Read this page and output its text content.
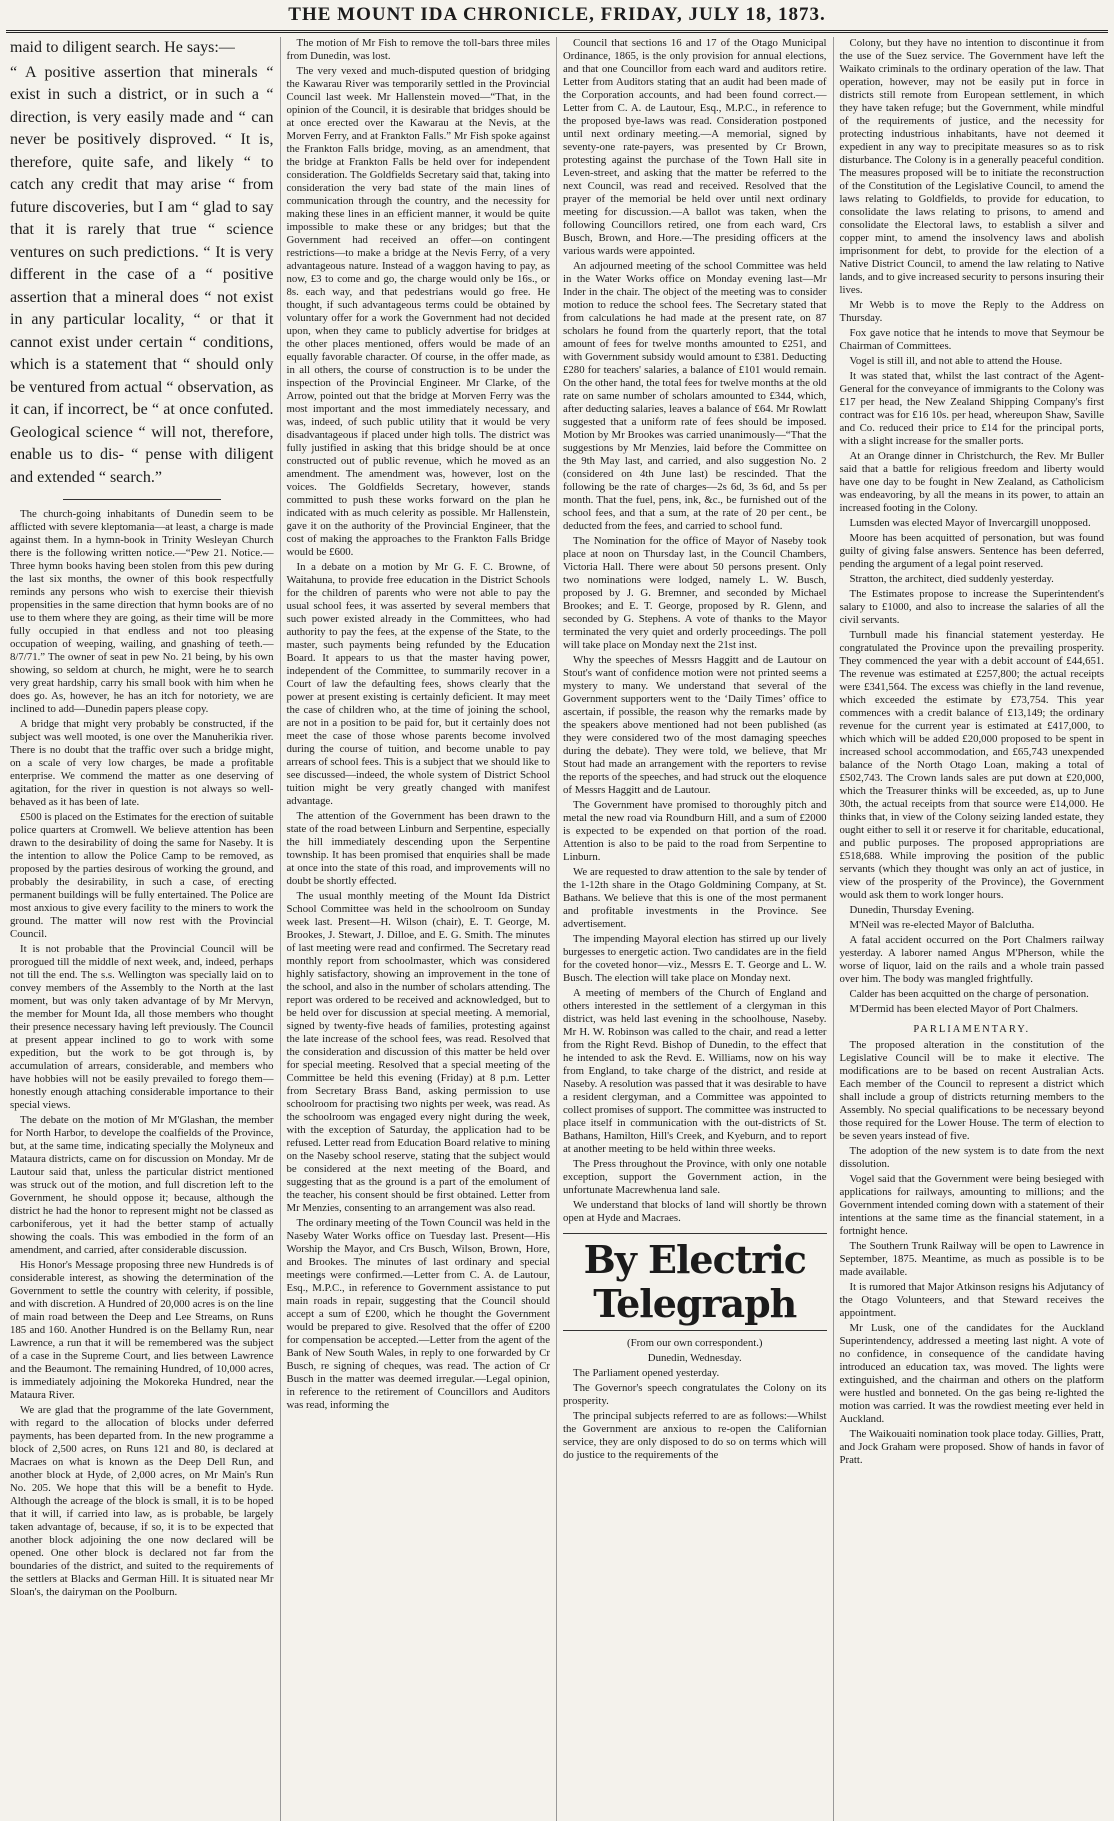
THE MOUNT IDA CHRONICLE, FRIDAY, JULY 18, 1873.

maid to diligent search. He says:—

“ A positive assertion that minerals “ exist in such a district, or in such a “ direction, is very easily made and “ can never be positively disproved. “ It is, therefore, quite safe, and likely “ to catch any credit that may arise “ from future discoveries, but I am “ glad to say that it is rarely that true “ science ventures on such predictions. “ It is very different in the case of a “ positive assertion that a mineral does “ not exist in any particular locality, “ or that it cannot exist under certain “ conditions, which is a statement that “ should only be ventured from actual “ observation, as it can, if incorrect, be “ at once confuted. Geological science “ will not, therefore, enable us to dis- “ pense with diligent and extended “ search.”

The church-going inhabitants of Dunedin seem to be afflicted with severe kleptomania—at least, a charge is made against them. In a hymn-book in Trinity Wesleyan Church there is the following written notice.—“Pew 21. Notice.—Three hymn books having been stolen from this pew during the last six months, the owner of this book respectfully reminds any persons who wish to exercise their thievish propensities in the same direction that hymn books are of no use to them where they are going, as their time will be more fully occupied in that endless and not too pleasing occupation of weeping, wailing, and gnashing of teeth.—8/7/71.” The owner of seat in pew No. 21 being, by his own showing, so seldom at church, he might, were he to search very great hardship, carry his small book with him when he does go. As, however, he has an itch for notoriety, we are inclined to add—Dunedin papers please copy.

A bridge that might very probably be constructed, if the subject was well mooted, is one over the Manuherikia river. There is no doubt that the traffic over such a bridge might, on a scale of very low charges, be made a profitable enterprise. We commend the matter as one deserving of agitation, for the river in question is not always so well-behaved as it has been of late.

£500 is placed on the Estimates for the erection of suitable police quarters at Cromwell. We believe attention has been drawn to the desirability of doing the same for Naseby. It is the intention to allow the Police Camp to be removed, as proposed by the parties desirous of working the ground, and probably the desirability, in such a case, of erecting permanent buildings will be fully entertained. The Police are most anxious to give every facility to the miners to work the ground. The matter will now rest with the Provincial Council.

It is not probable that the Provincial Council will be prorogued till the middle of next week, and, indeed, perhaps not till the end. The s.s. Wellington was specially laid on to convey members of the Assembly to the North at the last moment, but was only taken advantage of by Mr Mervyn, the member for Mount Ida, all those members who thought their presence necessary having left previously. The Council at present appear inclined to go to work with some expedition, but the work to be got through is, by accumulation of arrears, considerable, and members who have hobbies will not be easily prevailed to forego them—honestly enough attaching considerable importance to their special views.

The debate on the motion of Mr M'Glashan, the member for North Harbor, to develope the coalfields of the Province, but, at the same time, indicating specially the Molyneux and Mataura districts, came on for discussion on Monday. Mr de Lautour said that, unless the particular district mentioned was struck out of the motion, and full discretion left to the Government, he should oppose it; because, although the district he had the honor to represent might not be classed as carboniferous, yet it had the better stamp of actually showing the coals. This was embodied in the form of an amendment, and carried, after considerable discussion.

His Honor's Message proposing three new Hundreds is of considerable interest, as showing the determination of the Government to settle the country with celerity, if possible, and with discretion. A Hundred of 20,000 acres is on the line of main road between the Deep and Lee Streams, on Runs 185 and 160. Another Hundred is on the Bellamy Run, near Lawrence, a run that it will be remembered was the subject of a case in the Supreme Court, and lies between Lawrence and the Beaumont. The remaining Hundred, of 10,000 acres, is immediately adjoining the Mokoreka Hundred, near the Mataura River.

We are glad that the programme of the late Government, with regard to the allocation of blocks under deferred payments, has been departed from. In the new programme a block of 2,500 acres, on Runs 121 and 80, is declared at Macraes on what is known as the Deep Dell Run, and another block at Hyde, of 2,000 acres, on Mr Main's Run No. 205. We hope that this will be a benefit to Hyde. Although the acreage of the block is small, it is to be hoped that it will, if carried into law, as is probable, be largely taken advantage of, because, if so, it is to be expected that another block adjoining the one now declared will be opened. One other block is declared not far from the boundaries of the district, and suited to the requirements of the settlers at Blacks and German Hill. It is situated near Mr Sloan's, the dairyman on the Poolburn.

The motion of Mr Fish to remove the toll-bars three miles from Dunedin, was lost.

The very vexed and much-disputed question of bridging the Kawarau River was temporarily settled in the Provincial Council last week. Mr Hallenstein moved—“That, in the opinion of the Council, it is desirable that bridges should be at once erected over the Kawarau at the Nevis, at the Morven Ferry, and at Frankton Falls.” Mr Fish spoke against the Frankton Falls bridge, moving, as an amendment, that the bridge at Frankton Falls be held over for independent consideration. The Goldfields Secretary said that, taking into consideration the very bad state of the main lines of communication through the country, and the necessity for making these lines in an efficient manner, it would be quite impossible to make these or any bridges; but that the Government had received an offer—on contingent restrictions—to make a bridge at the Nevis Ferry, of a very advantageous nature. Instead of a waggon having to pay, as now, £3 to come and go, the charge would only be 16s., or 8s. each way, and that pedestrians would go free. He thought, if such advantageous terms could be obtained by voluntary offer for a work the Government had not decided upon, when they came to publicly advertise for bridges at the other places mentioned, offers would be made of an equally favorable character. Of course, in the offer made, as in all others, the course of construction is to be under the inspection of the Provincial Engineer. Mr Clarke, of the Arrow, pointed out that the bridge at Morven Ferry was the most important and the most immediately necessary, and was, indeed, of such public utility that it would be very disadvantageous if placed under high tolls. The district was fully justified in asking that this bridge should be at once constructed out of public revenue, which he moved as an amendment. The amendment was, however, lost on the voices. The Goldfields Secretary, however, stands committed to push these works forward on the plan he indicated with as much celerity as possible. Mr Hallenstein, gave it on the authority of the Provincial Engineer, that the cost of making the approaches to the Frankton Falls Bridge would be £600.

In a debate on a motion by Mr G. F. C. Browne, of Waitahuna, to provide free education in the District Schools for the children of parents who were not able to pay the usual school fees, it was asserted by several members that such power existed already in the Committees, who had authority to pay the fees, at the expense of the State, to the master, such payments being refunded by the Education Board. It appears to us that the master having power, independent of the Committee, to summarily recover in a Court of law the defaulting fees, shows clearly that the power at present existing is certainly deficient. It may meet the case of children who, at the time of joining the school, are not in a position to be paid for, but it certainly does not meet the case of those whose parents become involved during the course of tuition, and become unable to pay arrears of school fees. This is a subject that we should like to see discussed—indeed, the whole system of District School tuition might be very greatly changed with manifest advantage.

The attention of the Government has been drawn to the state of the road between Linburn and Serpentine, especially the hill immediately descending upon the Serpentine township. It has been promised that enquiries shall be made at once into the state of this road, and improvements will no doubt be shortly effected.

The usual monthly meeting of the Mount Ida District School Committee was held in the schoolroom on Sunday week last. Present—H. Wilson (chair), E. T. George, M. Brookes, J. Stewart, J. Dilloe, and E. G. Smith. The minutes of last meeting were read and confirmed. The Secretary read monthly report from schoolmaster, which was considered highly satisfactory, showing an improvement in the tone of the school, and also in the number of scholars attending. The report was ordered to be received and acknowledged, but to be held over for discussion at special meeting. A memorial, signed by twenty-five heads of families, protesting against the late increase of the school fees, was read. Resolved that the consideration and discussion of this matter be held over for special meeting. Resolved that a special meeting of the Committee be held this evening (Friday) at 8 p.m. Letter from Secretary Brass Band, asking permission to use schoolroom for practising two nights per week, was read. As the schoolroom was engaged every night during the week, with the exception of Saturday, the application had to be refused. Letter read from Education Board relative to mining on the Naseby school reserve, stating that the subject would be considered at the next meeting of the Board, and suggesting that as the ground is a part of the emolument of the teacher, his consent should be first obtained. Letter from Mr Menzies, consenting to an arrangement was also read.

The ordinary meeting of the Town Council was held in the Naseby Water Works office on Tuesday last. Present—His Worship the Mayor, and Crs Busch, Wilson, Brown, Hore, and Brookes. The minutes of last ordinary and special meetings were confirmed.—Letter from C. A. de Lautour, Esq., M.P.C., in reference to Government assistance to put main roads in repair, suggesting that the Council should accept a sum of £200, which he thought the Government would be prepared to give. Resolved that the offer of £200 for compensation be accepted.—Letter from the agent of the Bank of New South Wales, in reply to one forwarded by Cr Busch, re signing of cheques, was read. The action of Cr Busch in the matter was deemed irregular.—Legal opinion, in reference to the retirement of Councillors and Auditors was read, informing the

Council that sections 16 and 17 of the Otago Municipal Ordinance, 1865, is the only provision for annual elections, and that one Councillor from each ward and auditors retire. Letter from Auditors stating that an audit had been made of the Corporation accounts, and had been found correct.—Letter from C. A. de Lautour, Esq., M.P.C., in reference to the proposed bye-laws was read. Consideration postponed until next ordinary meeting.—A memorial, signed by seventy-one rate-payers, was presented by Cr Brown, protesting against the purchase of the Town Hall site in Leven-street, and asking that the matter be referred to the next Council, was read and received. Resolved that the prayer of the memorial be held over until next ordinary meeting for discussion.—A ballot was taken, when the following Councillors retired, one from each ward, Crs Busch, Brown, and Hore.—The presiding officers at the various wards were appointed.

An adjourned meeting of the school Committee was held in the Water Works office on Monday evening last—Mr Inder in the chair. The object of the meeting was to consider motion to reduce the school fees. The Secretary stated that from calculations he had made at the present rate, on 87 scholars he found from the quarterly report, that the total amount of fees for twelve months amounted to £251, and with Government subsidy would amount to £381. Deducting £280 for teachers' salaries, a balance of £101 would remain. On the other hand, the total fees for twelve months at the old rate on same number of scholars amounted to £344, which, after deducting salaries, leaves a balance of £64. Mr Rowlatt suggested that a uniform rate of fees should be imposed. Motion by Mr Brookes was carried unanimously—“That the suggestions by Mr Menzies, laid before the Committee on the 9th May last, and carried, and also suggestion No. 2 (considered on 4th June last) be rescinded. That the following be the rate of charges—2s 6d, 3s 6d, and 5s per month. That the fuel, pens, ink, &c., be furnished out of the school fees, and that a sum, at the rate of 20 per cent., be deducted from the fees, and carried to school fund.

The Nomination for the office of Mayor of Naseby took place at noon on Thursday last, in the Council Chambers, Victoria Hall. There were about 50 persons present. Only two nominations were lodged, namely L. W. Busch, proposed by J. G. Bremner, and seconded by Michael Brookes; and E. T. George, proposed by R. Glenn, and seconded by G. Stephens. A vote of thanks to the Mayor terminated the very quiet and orderly proceedings. The poll will take place on Monday next the 21st inst.

Why the speeches of Messrs Haggitt and de Lautour on Stout's want of confidence motion were not printed seems a mystery to many. We understand that several of the Government supporters went to the ‘Daily Times’ office to ascertain, if possible, the reason why the remarks made by the speakers above mentioned had not been published (as they were considered two of the most damaging speeches during the debate). They were told, we believe, that Mr Stout had made an arrangement with the reporters to revise the reports of the speeches, and had struck out the eloquence of Messrs Haggitt and de Lautour.

The Government have promised to thoroughly pitch and metal the new road via Roundburn Hill, and a sum of £2000 is expected to be expended on that portion of the road. Attention is also to be paid to the road from Serpentine to Linburn.

We are requested to draw attention to the sale by tender of the 1-12th share in the Otago Goldmining Company, at St. Bathans. We believe that this is one of the most permanent and profitable investments in the Province. See advertisement.

The impending Mayoral election has stirred up our lively burgesses to energetic action. Two candidates are in the field for the coveted honor—viz., Messrs E. T. George and L. W. Busch. The election will take place on Monday next.

A meeting of members of the Church of England and others interested in the settlement of a clergyman in this district, was held last evening in the schoolhouse, Naseby. Mr H. W. Robinson was called to the chair, and read a letter from the Right Revd. Bishop of Dunedin, to the effect that he intended to ask the Revd. E. Williams, now on his way from England, to take charge of the district, and reside at Naseby. A resolution was passed that it was desirable to have a resident clergyman, and a Committee was appointed to collect promises of support. The committee was instructed to place itself in communication with the out-districts of St. Bathans, Hamilton, Hill's Creek, and Kyeburn, and to report at another meeting to be held within three weeks.

The Press throughout the Province, with only one notable exception, support the Government action, in the unfortunate Macrewhenua land sale.

We understand that blocks of land will shortly be thrown open at Hyde and Macraes.

By Electric Telegraph

(From our own correspondent.)

Dunedin, Wednesday.

The Parliament opened yesterday.

The Governor's speech congratulates the Colony on its prosperity.

The principal subjects referred to are as follows:—Whilst the Government are anxious to re-open the Californian service, they are only disposed to do so on terms which will do justice to the requirements of the

Colony, but they have no intention to discontinue it from the use of the Suez service. The Government have left the Waikato criminals to the ordinary operation of the law. That operation, however, may not be easily put in force in districts still remote from European settlement, in which they have taken refuge; but the Government, while mindful of the requirements of justice, and the necessity for protecting industrious inhabitants, have not deemed it expedient in any way to precipitate measures so as to risk disturbance. The Colony is in a generally peaceful condition. The measures proposed will be to initiate the reconstruction of the Constitution of the Legislative Council, to amend the laws relating to Goldfields, to provide for education, to consolidate the laws relating to prisons, to amend and consolidate the Electoral laws, to establish a silver and copper mint, to amend the insolvency laws and abolish imprisonment for debt, to provide for the election of a Native District Council, to amend the law relating to Native lands, and to give increased security to persons insuring their lives.

Mr Webb is to move the Reply to the Address on Thursday.

Fox gave notice that he intends to move that Seymour be Chairman of Committees.

Vogel is still ill, and not able to attend the House.

It was stated that, whilst the last contract of the Agent-General for the conveyance of immigrants to the Colony was £17 per head, the New Zealand Shipping Company's first contract was for £16 10s. per head, whereupon Shaw, Saville and Co. reduced their price to £14 for the principal ports, with a slight increase for the smaller ports.

At an Orange dinner in Christchurch, the Rev. Mr Buller said that a battle for religious freedom and liberty would have one day to be fought in New Zealand, as Catholicism was endeavoring, by all the means in its power, to attain an increased footing in the Colony.

Lumsden was elected Mayor of Invercargill unopposed.

Moore has been acquitted of personation, but was found guilty of giving false answers. Sentence has been deferred, pending the argument of a legal point reserved.

Stratton, the architect, died suddenly yesterday.

The Estimates propose to increase the Superintendent's salary to £1000, and also to increase the salaries of all the civil servants.

Turnbull made his financial statement yesterday. He congratulated the Province upon the prevailing prosperity. They commenced the year with a debit account of £44,651. The revenue was estimated at £257,800; the actual receipts were £341,564. The excess was chiefly in the land revenue, which exceeded the estimate by £73,754. This year commences with a credit balance of £13,149; the ordinary revenue for the current year is estimated at £417,000, to which which will be added £20,000 proposed to be spent in increased school accommodation, and £65,743 unexpended balance of the North Otago Loan, making a total of £502,743. The Crown lands sales are put down at £20,000, which the Treasurer thinks will be exceeded, as, up to June 30th, the actual receipts from that source were £14,000. He thinks that, in view of the Colony seizing landed estate, they ought either to sell it or reserve it for charitable, educational, and public purposes. The proposed appropriations are £518,688. While improving the position of the public servants (which they thought was only an act of justice, in view of the prosperity of the Province), the Government would ask them to work longer hours.

Dunedin, Thursday Evening.

M'Neil was re-elected Mayor of Balclutha.

A fatal accident occurred on the Port Chalmers railway yesterday. A laborer named Angus M'Pherson, while the worse of liquor, laid on the rails and a whole train passed over him. The body was mangled frightfully.

Calder has been acquitted on the charge of personation.

M'Dermid has been elected Mayor of Port Chalmers.

PARLIAMENTARY.

The proposed alteration in the constitution of the Legislative Council will be to make it elective. The modifications are to be based on recent Australian Acts. Each member of the Council to represent a district which shall include a group of districts returning members to the Assembly. No special qualifications to be necessary beyond those required for the Lower House. The term of election to be seven years instead of five.

The adoption of the new system is to date from the next dissolution.

Vogel said that the Government were being besieged with applications for railways, amounting to millions; and the Government intended coming down with a statement of their intentions at the same time as the financial statement, in a fortnight hence.

The Southern Trunk Railway will be open to Lawrence in September, 1875. Meantime, as much as possible is to be made available.

It is rumored that Major Atkinson resigns his Adjutancy of the Otago Volunteers, and that Steward receives the appointment.

Mr Lusk, one of the candidates for the Auckland Superintendency, addressed a meeting last night. A vote of no confidence, in consequence of the candidate having introduced an education tax, was moved. The lights were extinguished, and the chairman and others on the platform were hustled and bonneted. On the gas being re-lighted the motion was carried. It was the rowdiest meeting ever held in Auckland.

The Waikouaiti nomination took place today. Gillies, Pratt, and Jock Graham were proposed. Show of hands in favor of Pratt.
